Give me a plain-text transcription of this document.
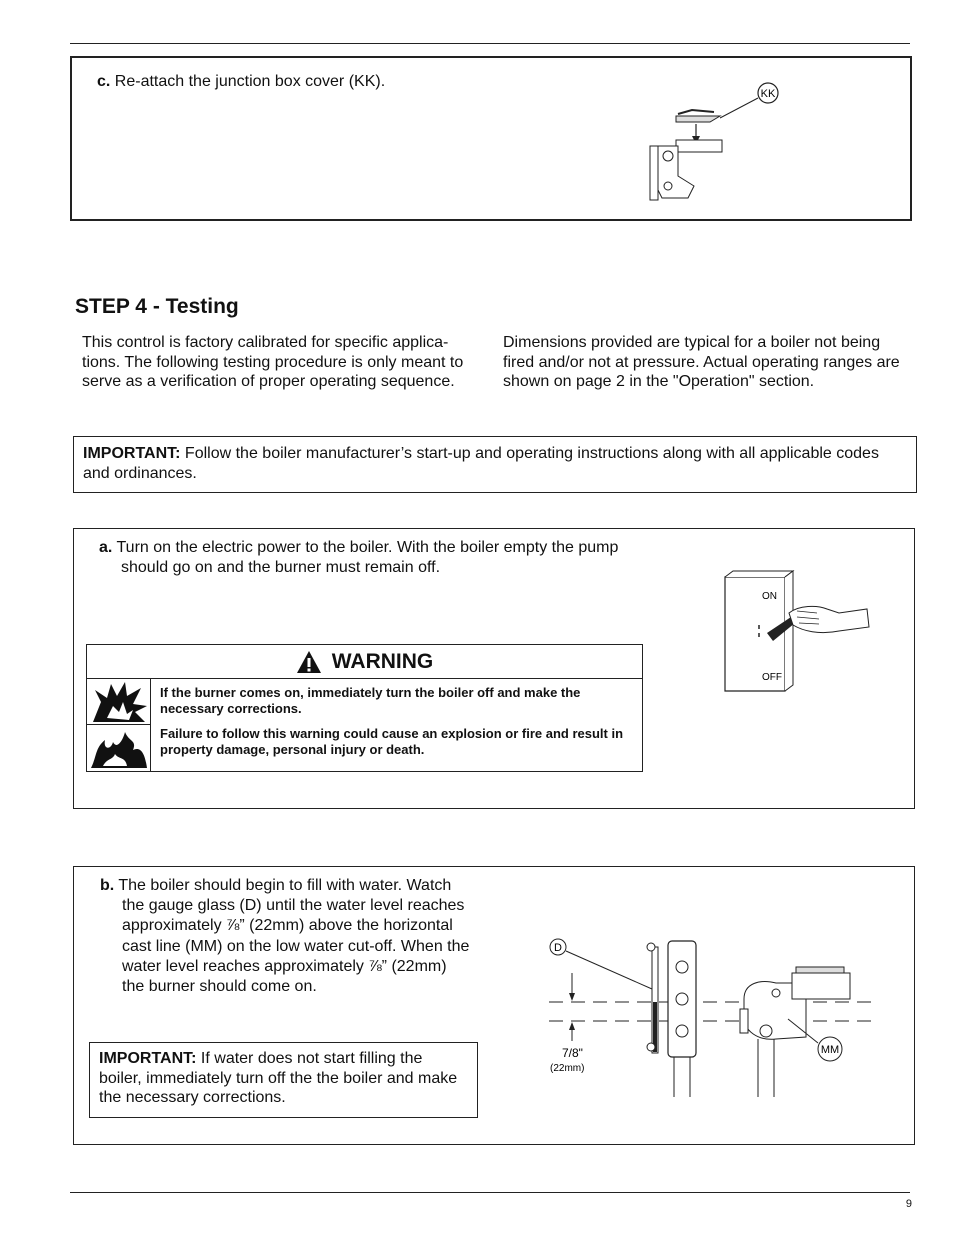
c. Re-attach the junction box cover (KK).
KK
STEP 4 - Testing
This control is factory calibrated for specific applica-tions. The following testing procedure is only meant to serve as a verification of proper operating sequence.
Dimensions provided are typical for a boiler not being fired and/or not at pressure. Actual operating ranges are shown on page 2 in the "Operation" section.
IMPORTANT: Follow the boiler manufacturer’s start-up and operating instructions along with all applicable codes and ordinances.
a. Turn on the electric power to the boiler. With the boiler empty the pump should go on and the burner must remain off.
WARNING

If the burner comes on, immediately turn the boiler off and make the necessary corrections.

Failure to follow this warning could cause an explosion or fire and result in property damage, personal injury or death.

ON
OFF
b. The boiler should begin to fill with water. Watch the gauge glass (D) until the water level reaches approximately ⅞” (22mm) above the horizontal cast line (MM) on the low water cut-off. When the water level reaches approximately ⅞” (22mm) the burner should come on.
IMPORTANT: If water does not start filling the boiler, immediately turn off the the boiler and make the necessary corrections.
D
7/8"
(22mm)
MM
9
